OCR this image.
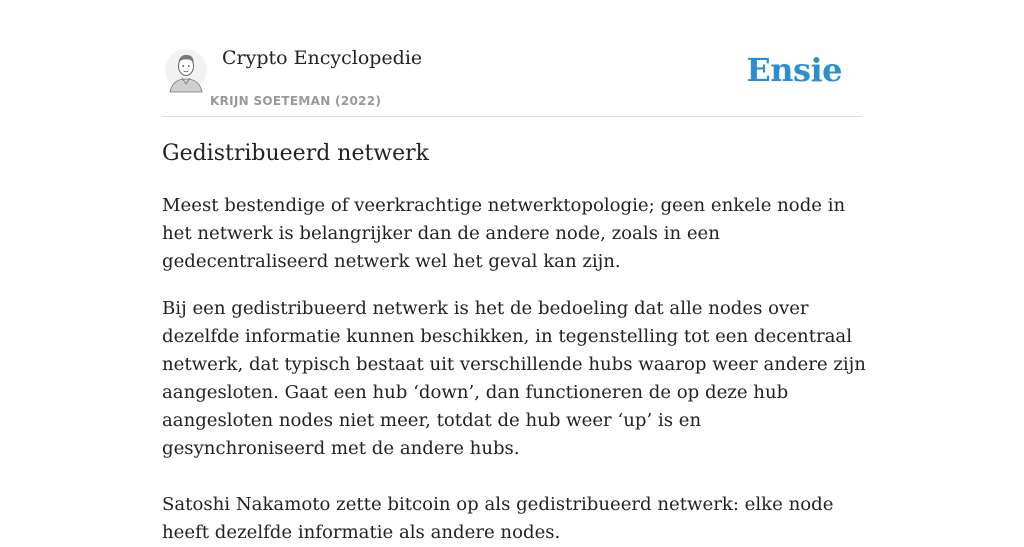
Crypto Encyclopedie
KRIJN SOETEMAN (2022)
Ensie
Gedistribueerd netwerk

Meest bestendige of veerkrachtige netwerktopologie; geen enkele node in het netwerk is belangrijker dan de andere node, zoals in een gedecentraliseerd netwerk wel het geval kan zijn.

Bij een gedistribueerd netwerk is het de bedoeling dat alle nodes over dezelfde informatie kunnen beschikken, in tegenstelling tot een decentraal netwerk, dat typisch bestaat uit verschillende hubs waarop weer andere zijn aangesloten. Gaat een hub ‘down’, dan functioneren de op deze hub aangesloten nodes niet meer, totdat de hub weer ‘up’ is en gesynchroniseerd met de andere hubs.

Satoshi Nakamoto zette bitcoin op als gedistribueerd netwerk: elke node heeft dezelfde informatie als andere nodes.
